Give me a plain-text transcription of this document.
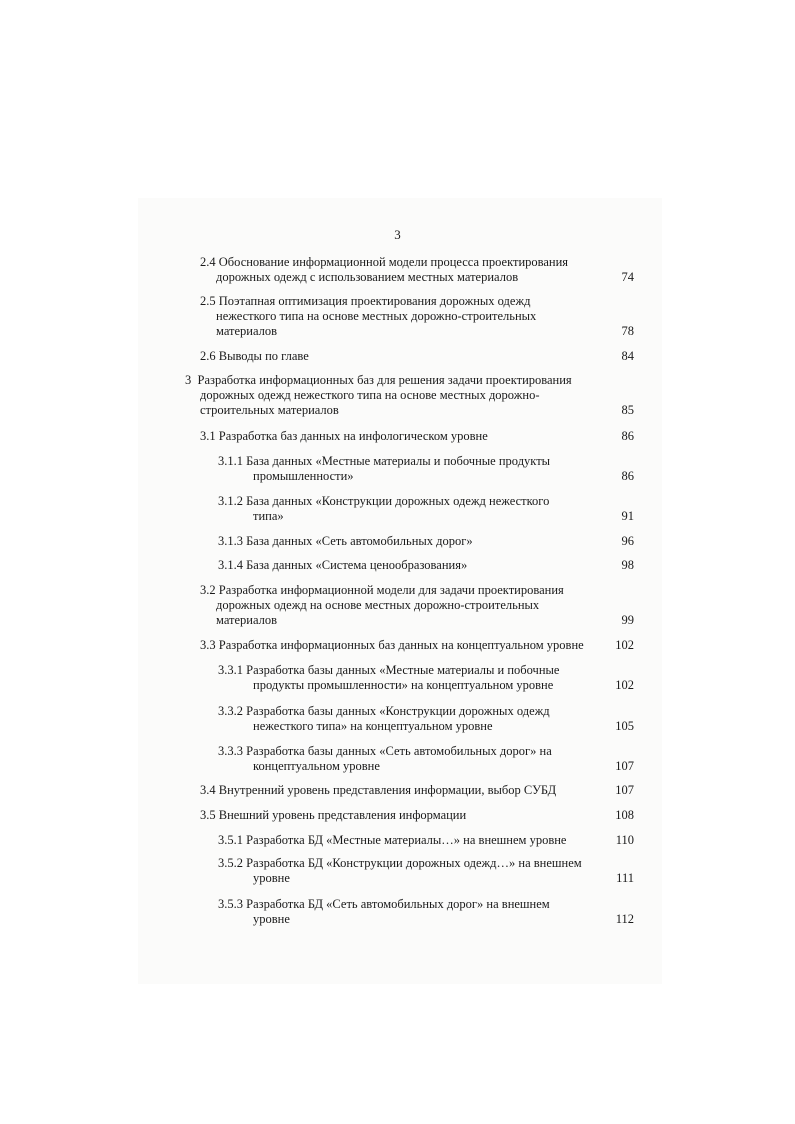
3
2.4 Обоснование информационной модели процесса проектирования
дорожных одежд с использованием местных материалов	74
2.5 Поэтапная оптимизация проектирования дорожных одежд
нежесткого типа на основе местных дорожно-строительных
материалов	78
2.6 Выводы по главе	84
3  Разработка информационных баз для решения задачи проектирования
дорожных одежд нежесткого типа на основе местных дорожно-
строительных материалов	85
3.1 Разработка баз данных на инфологическом уровне	86
3.1.1 База данных «Местные материалы и побочные продукты
промышленности»	86
3.1.2 База данных «Конструкции дорожных одежд нежесткого
типа»	91
3.1.3 База данных «Сеть автомобильных дорог»	96
3.1.4 База данных «Система ценообразования»	98
3.2 Разработка информационной модели для задачи проектирования
дорожных одежд на основе местных дорожно-строительных
материалов	99
3.3 Разработка информационных баз данных на концептуальном уровне	102
3.3.1 Разработка базы данных «Местные материалы и побочные
продукты промышленности» на концептуальном уровне	102
3.3.2 Разработка базы данных «Конструкции дорожных одежд
нежесткого типа» на концептуальном уровне	105
3.3.3 Разработка базы данных «Сеть автомобильных дорог» на
концептуальном уровне	107
3.4 Внутренний уровень представления информации, выбор СУБД	107
3.5 Внешний уровень представления информации	108
3.5.1 Разработка БД «Местные материалы…» на внешнем уровне	110
3.5.2 Разработка БД «Конструкции дорожных одежд…» на внешнем
уровне	111
3.5.3 Разработка БД «Сеть автомобильных дорог» на внешнем
уровне	112
